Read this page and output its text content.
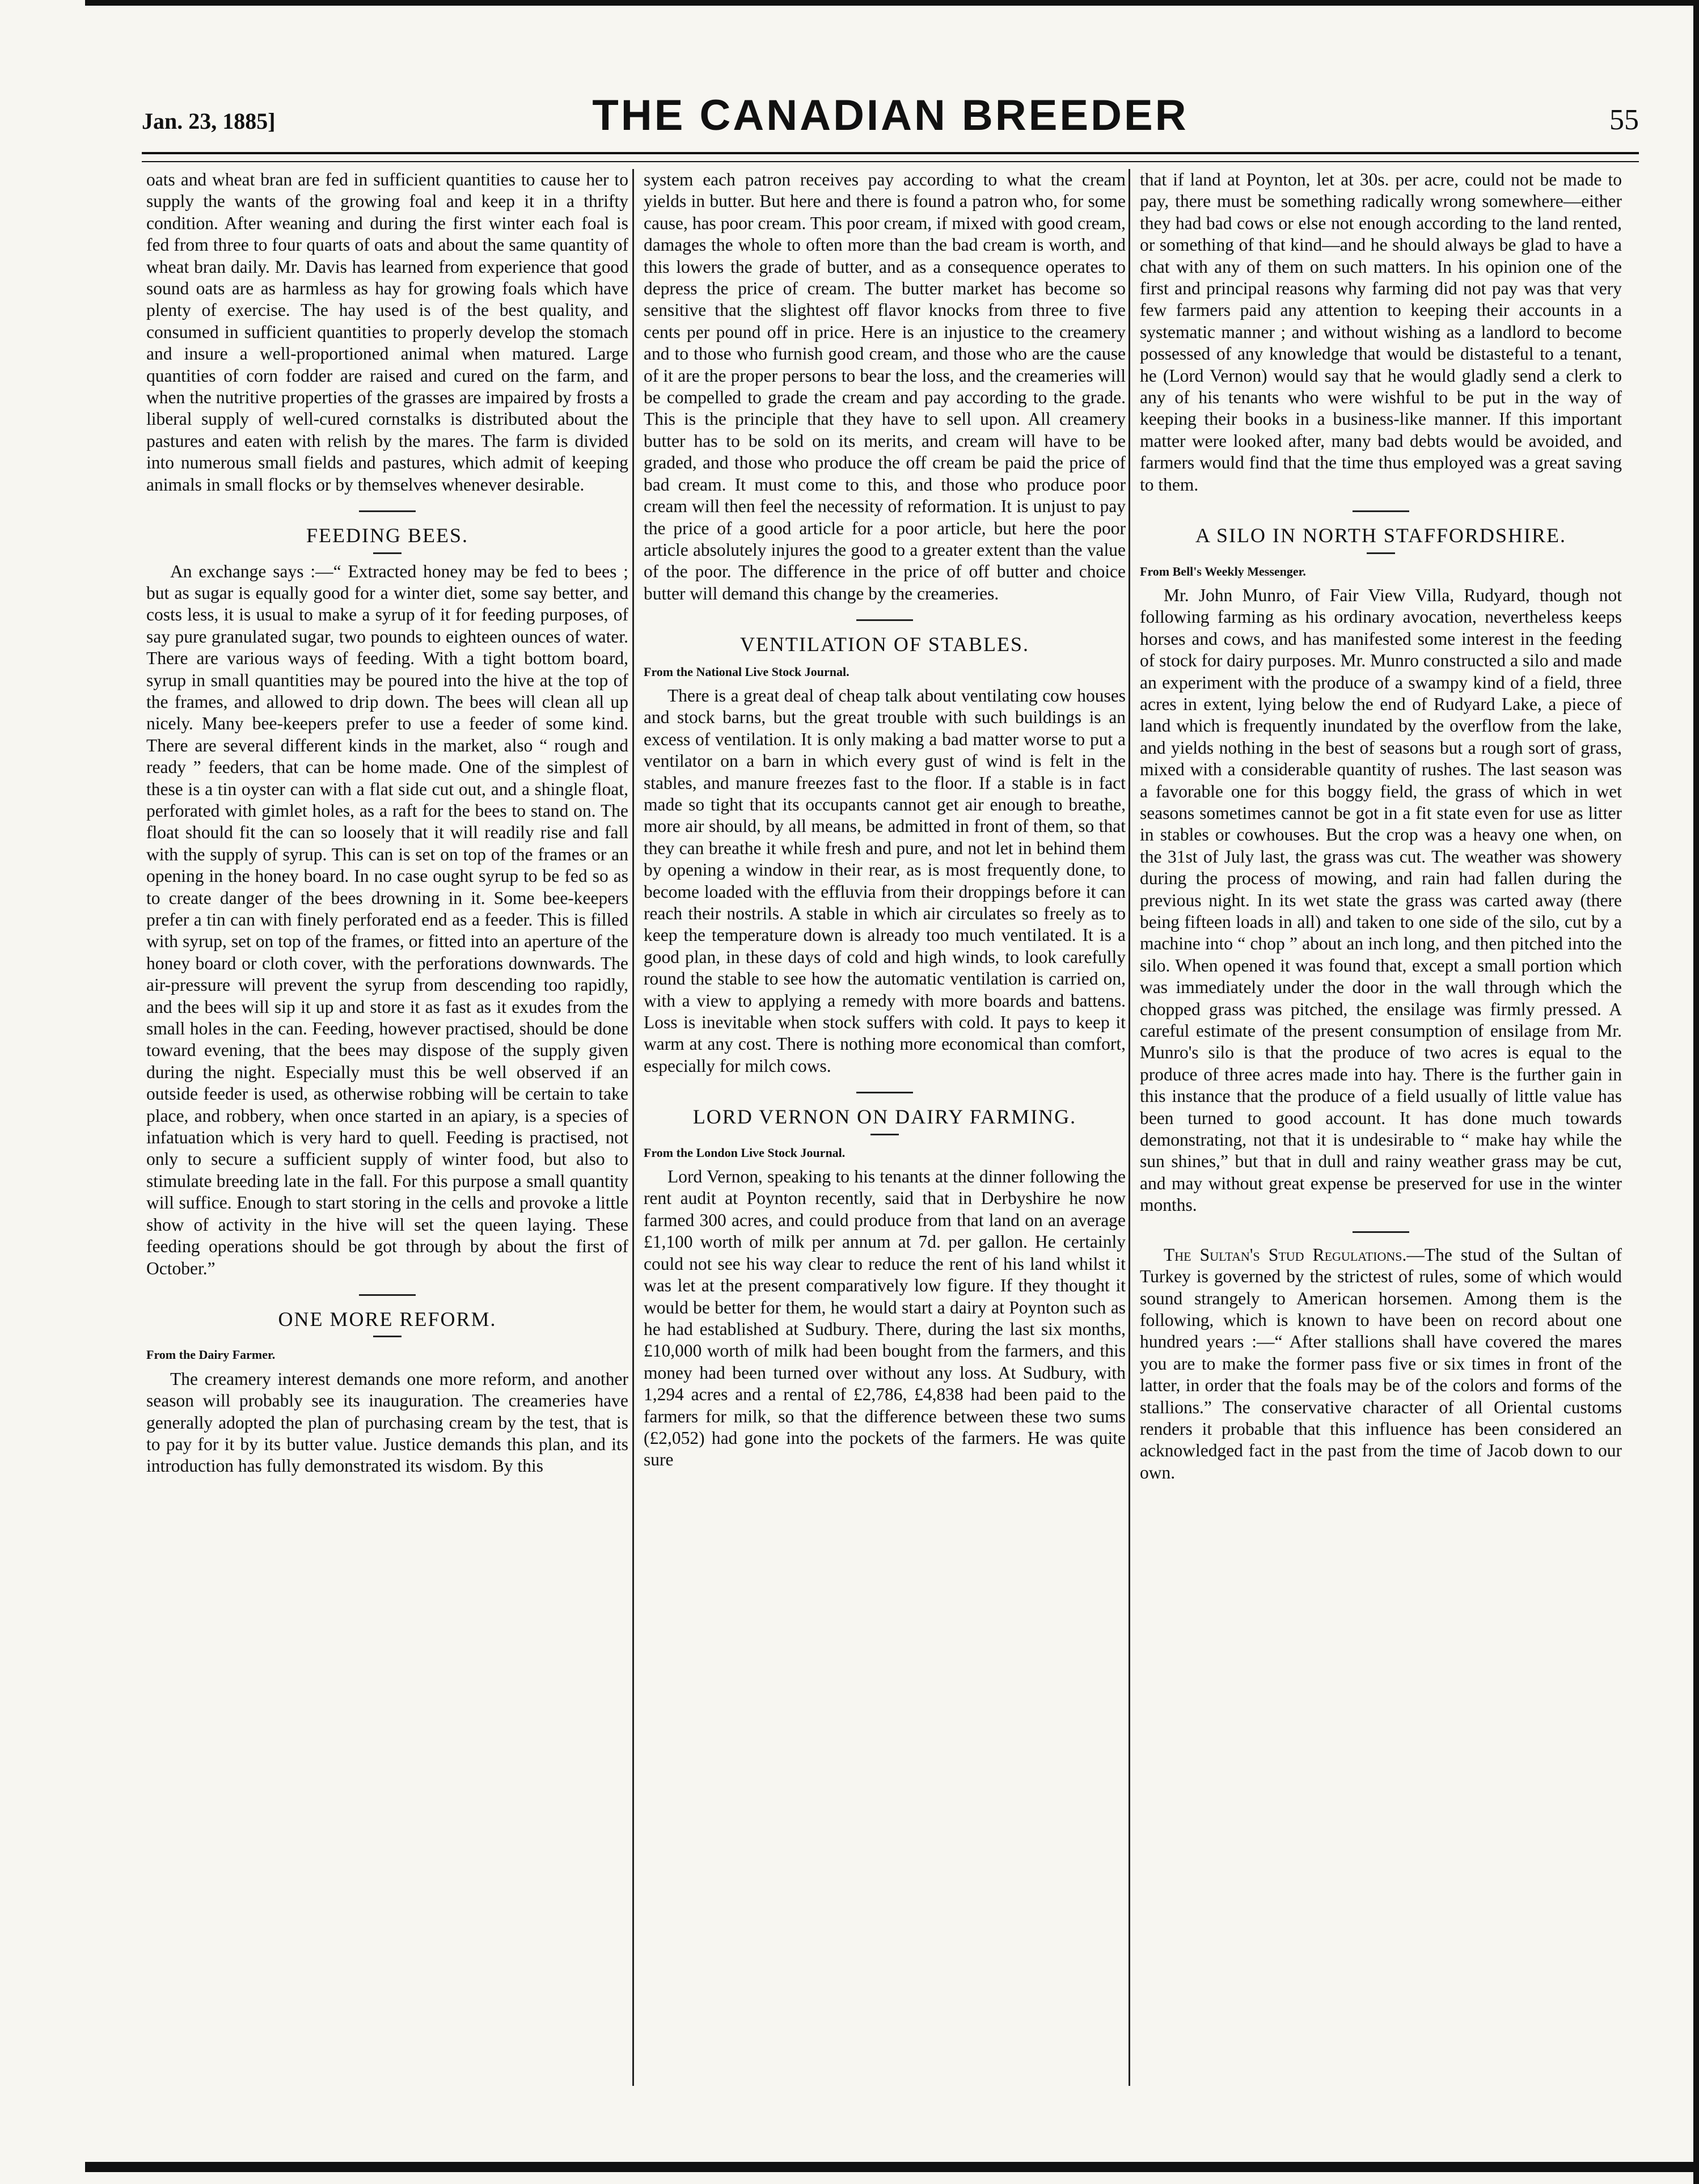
Jan. 23, 1885]	THE CANADIAN BREEDER	55

oats and wheat bran are fed in sufficient quantities to cause her to supply the wants of the growing foal and keep it in a thrifty condition. After weaning and during the first winter each foal is fed from three to four quarts of oats and about the same quantity of wheat bran daily. Mr. Davis has learned from experience that good sound oats are as harmless as hay for growing foals which have plenty of exercise. The hay used is of the best quality, and consumed in sufficient quantities to properly develop the stomach and insure a well-proportioned animal when matured. Large quantities of corn fodder are raised and cured on the farm, and when the nutritive properties of the grasses are impaired by frosts a liberal supply of well-cured cornstalks is distributed about the pastures and eaten with relish by the mares. The farm is divided into numerous small fields and pastures, which admit of keeping animals in small flocks or by themselves whenever desirable.

FEEDING BEES.

An exchange says :—“ Extracted honey may be fed to bees ; but as sugar is equally good for a winter diet, some say better, and costs less, it is usual to make a syrup of it for feeding purposes, of say pure granulated sugar, two pounds to eighteen ounces of water. There are various ways of feeding. With a tight bottom board, syrup in small quantities may be poured into the hive at the top of the frames, and allowed to drip down. The bees will clean all up nicely. Many bee-keepers prefer to use a feeder of some kind. There are several different kinds in the market, also “ rough and ready ” feeders, that can be home made. One of the simplest of these is a tin oyster can with a flat side cut out, and a shingle float, perforated with gimlet holes, as a raft for the bees to stand on. The float should fit the can so loosely that it will readily rise and fall with the supply of syrup. This can is set on top of the frames or an opening in the honey board. In no case ought syrup to be fed so as to create danger of the bees drowning in it. Some bee-keepers prefer a tin can with finely perforated end as a feeder. This is filled with syrup, set on top of the frames, or fitted into an aperture of the honey board or cloth cover, with the perforations downwards. The air-pressure will prevent the syrup from descending too rapidly, and the bees will sip it up and store it as fast as it exudes from the small holes in the can. Feeding, however practised, should be done toward evening, that the bees may dispose of the supply given during the night. Especially must this be well observed if an outside feeder is used, as otherwise robbing will be certain to take place, and robbery, when once started in an apiary, is a species of infatuation which is very hard to quell. Feeding is practised, not only to secure a sufficient supply of winter food, but also to stimulate breeding late in the fall. For this purpose a small quantity will suffice. Enough to start storing in the cells and provoke a little show of activity in the hive will set the queen laying. These feeding operations should be got through by about the first of October.”

ONE MORE REFORM.
From the Dairy Farmer.

The creamery interest demands one more reform, and another season will probably see its inauguration. The creameries have generally adopted the plan of purchasing cream by the test, that is to pay for it by its butter value. Justice demands this plan, and its introduction has fully demonstrated its wisdom. By this

system each patron receives pay according to what the cream yields in butter. But here and there is found a patron who, for some cause, has poor cream. This poor cream, if mixed with good cream, damages the whole to often more than the bad cream is worth, and this lowers the grade of butter, and as a consequence operates to depress the price of cream. The butter market has become so sensitive that the slightest off flavor knocks from three to five cents per pound off in price. Here is an injustice to the creamery and to those who furnish good cream, and those who are the cause of it are the proper persons to bear the loss, and the creameries will be compelled to grade the cream and pay according to the grade. This is the principle that they have to sell upon. All creamery butter has to be sold on its merits, and cream will have to be graded, and those who produce the off cream be paid the price of bad cream. It must come to this, and those who produce poor cream will then feel the necessity of reformation. It is unjust to pay the price of a good article for a poor article, but here the poor article absolutely injures the good to a greater extent than the value of the poor. The difference in the price of off butter and choice butter will demand this change by the creameries.

VENTILATION OF STABLES.
From the National Live Stock Journal.

There is a great deal of cheap talk about ventilating cow houses and stock barns, but the great trouble with such buildings is an excess of ventilation. It is only making a bad matter worse to put a ventilator on a barn in which every gust of wind is felt in the stables, and manure freezes fast to the floor. If a stable is in fact made so tight that its occupants cannot get air enough to breathe, more air should, by all means, be admitted in front of them, so that they can breathe it while fresh and pure, and not let in behind them by opening a window in their rear, as is most frequently done, to become loaded with the effluvia from their droppings before it can reach their nostrils. A stable in which air circulates so freely as to keep the temperature down is already too much ventilated. It is a good plan, in these days of cold and high winds, to look carefully round the stable to see how the automatic ventilation is carried on, with a view to applying a remedy with more boards and battens. Loss is inevitable when stock suffers with cold. It pays to keep it warm at any cost. There is nothing more economical than comfort, especially for milch cows.

LORD VERNON ON DAIRY FARMING.
From the London Live Stock Journal.

Lord Vernon, speaking to his tenants at the dinner following the rent audit at Poynton recently, said that in Derbyshire he now farmed 300 acres, and could produce from that land on an average £1,100 worth of milk per annum at 7d. per gallon. He certainly could not see his way clear to reduce the rent of his land whilst it was let at the present comparatively low figure. If they thought it would be better for them, he would start a dairy at Poynton such as he had established at Sudbury. There, during the last six months, £10,000 worth of milk had been bought from the farmers, and this money had been turned over without any loss. At Sudbury, with 1,294 acres and a rental of £2,786, £4,838 had been paid to the farmers for milk, so that the difference between these two sums (£2,052) had gone into the pockets of the farmers. He was quite sure

that if land at Poynton, let at 30s. per acre, could not be made to pay, there must be something radically wrong somewhere—either they had bad cows or else not enough according to the land rented, or something of that kind—and he should always be glad to have a chat with any of them on such matters. In his opinion one of the first and principal reasons why farming did not pay was that very few farmers paid any attention to keeping their accounts in a systematic manner ; and without wishing as a landlord to become possessed of any knowledge that would be distasteful to a tenant, he (Lord Vernon) would say that he would gladly send a clerk to any of his tenants who were wishful to be put in the way of keeping their books in a business-like manner. If this important matter were looked after, many bad debts would be avoided, and farmers would find that the time thus employed was a great saving to them.

A SILO IN NORTH STAFFORDSHIRE.
From Bell's Weekly Messenger.

Mr. John Munro, of Fair View Villa, Rudyard, though not following farming as his ordinary avocation, nevertheless keeps horses and cows, and has manifested some interest in the feeding of stock for dairy purposes. Mr. Munro constructed a silo and made an experiment with the produce of a swampy kind of a field, three acres in extent, lying below the end of Rudyard Lake, a piece of land which is frequently inundated by the overflow from the lake, and yields nothing in the best of seasons but a rough sort of grass, mixed with a considerable quantity of rushes. The last season was a favorable one for this boggy field, the grass of which in wet seasons sometimes cannot be got in a fit state even for use as litter in stables or cowhouses. But the crop was a heavy one when, on the 31st of July last, the grass was cut. The weather was showery during the process of mowing, and rain had fallen during the previous night. In its wet state the grass was carted away (there being fifteen loads in all) and taken to one side of the silo, cut by a machine into “ chop ” about an inch long, and then pitched into the silo. When opened it was found that, except a small portion which was immediately under the door in the wall through which the chopped grass was pitched, the ensilage was firmly pressed. A careful estimate of the present consumption of ensilage from Mr. Munro's silo is that the produce of two acres is equal to the produce of three acres made into hay. There is the further gain in this instance that the produce of a field usually of little value has been turned to good account. It has done much towards demonstrating, not that it is undesirable to “ make hay while the sun shines,” but that in dull and rainy weather grass may be cut, and may without great expense be preserved for use in the winter months.

The Sultan's Stud Regulations.—The stud of the Sultan of Turkey is governed by the strictest of rules, some of which would sound strangely to American horsemen. Among them is the following, which is known to have been on record about one hundred years :—“ After stallions shall have covered the mares you are to make the former pass five or six times in front of the latter, in order that the foals may be of the colors and forms of the stallions.” The conservative character of all Oriental customs renders it probable that this influence has been considered an acknowledged fact in the past from the time of Jacob down to our own.
